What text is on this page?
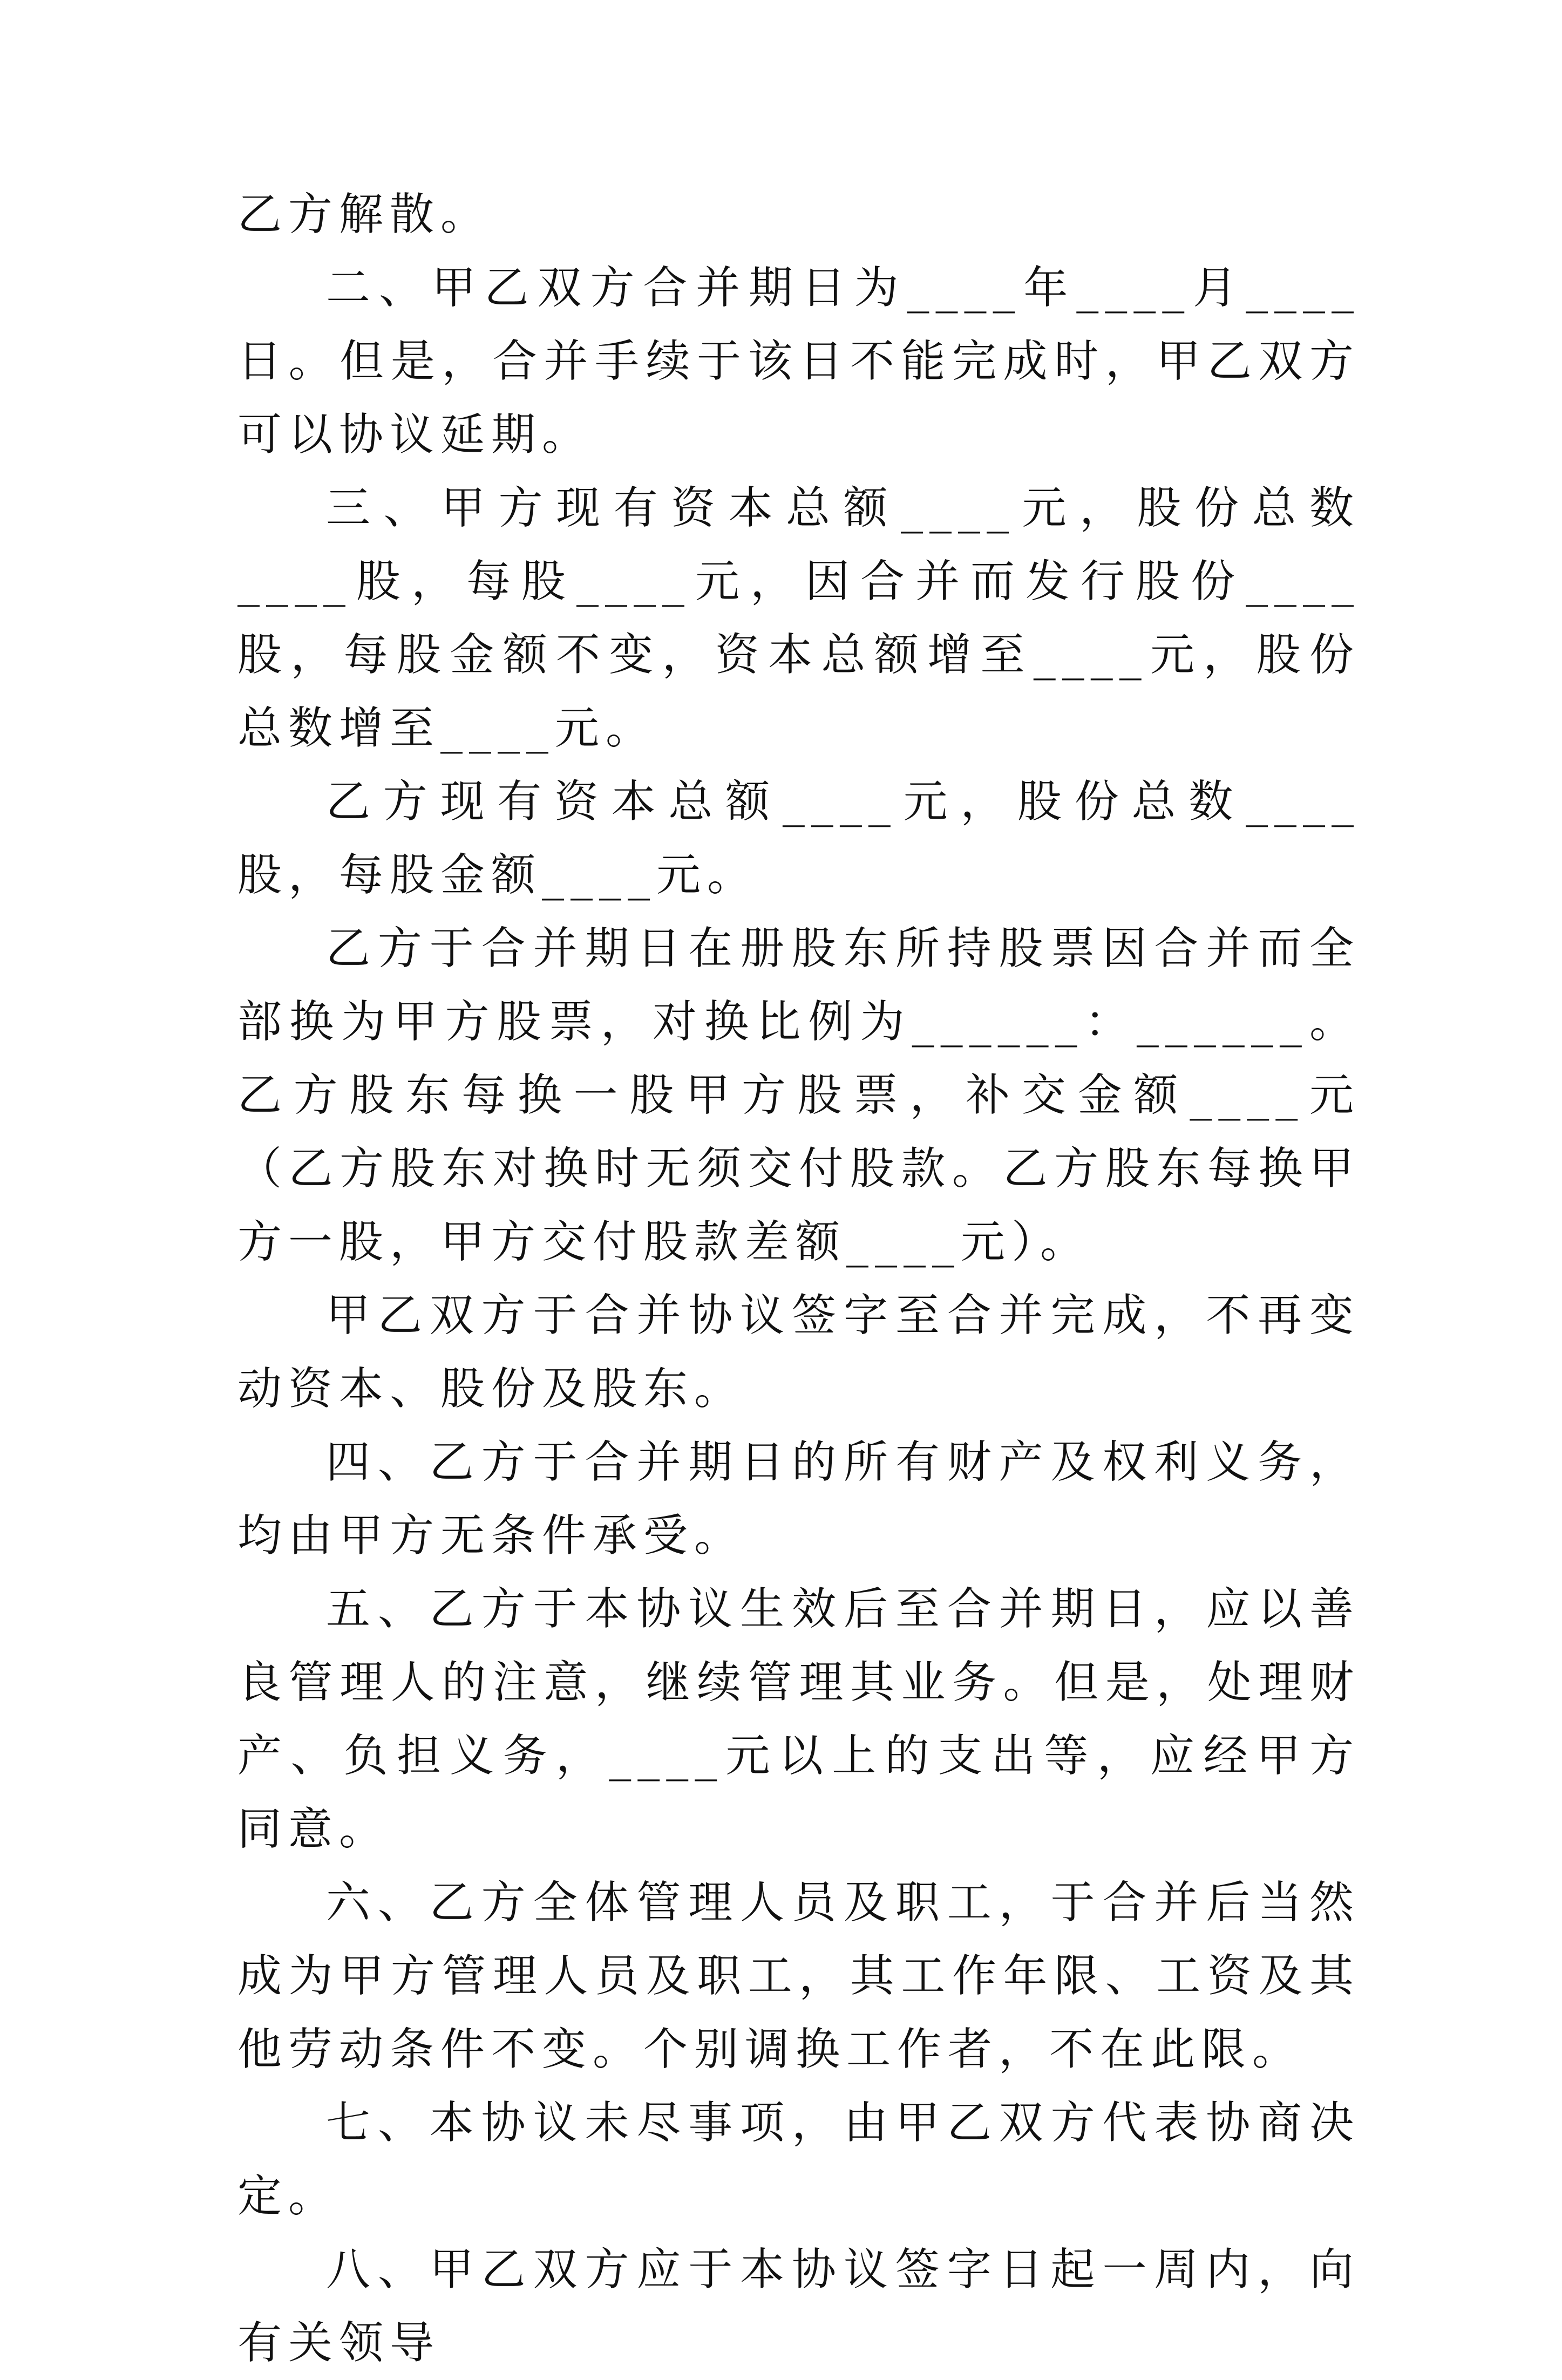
乙方解散。

二、甲乙双方合并期日为____年____月____日。但是，合并手续于该日不能完成时，甲乙双方可以协议延期。

三、甲方现有资本总额____元，股份总数____股，每股____元，因合并而发行股份____股，每股金额不变，资本总额增至____元，股份总数增至____元。

乙方现有资本总额____元，股份总数____股，每股金额____元。

乙方于合并期日在册股东所持股票因合并而全部换为甲方股票，对换比例为______：______。乙方股东每换一股甲方股票，补交金额____元（乙方股东对换时无须交付股款。乙方股东每换甲方一股，甲方交付股款差额____元）。

甲乙双方于合并协议签字至合并完成，不再变动资本、股份及股东。

四、乙方于合并期日的所有财产及权利义务，均由甲方无条件承受。

五、乙方于本协议生效后至合并期日，应以善良管理人的注意，继续管理其业务。但是，处理财产、负担义务，____元以上的支出等，应经甲方同意。

六、乙方全体管理人员及职工，于合并后当然成为甲方管理人员及职工，其工作年限、工资及其他劳动条件不变。个别调换工作者，不在此限。

七、本协议未尽事项，由甲乙双方代表协商决定。

八、甲乙双方应于本协议签字日起一周内，向有关领导
